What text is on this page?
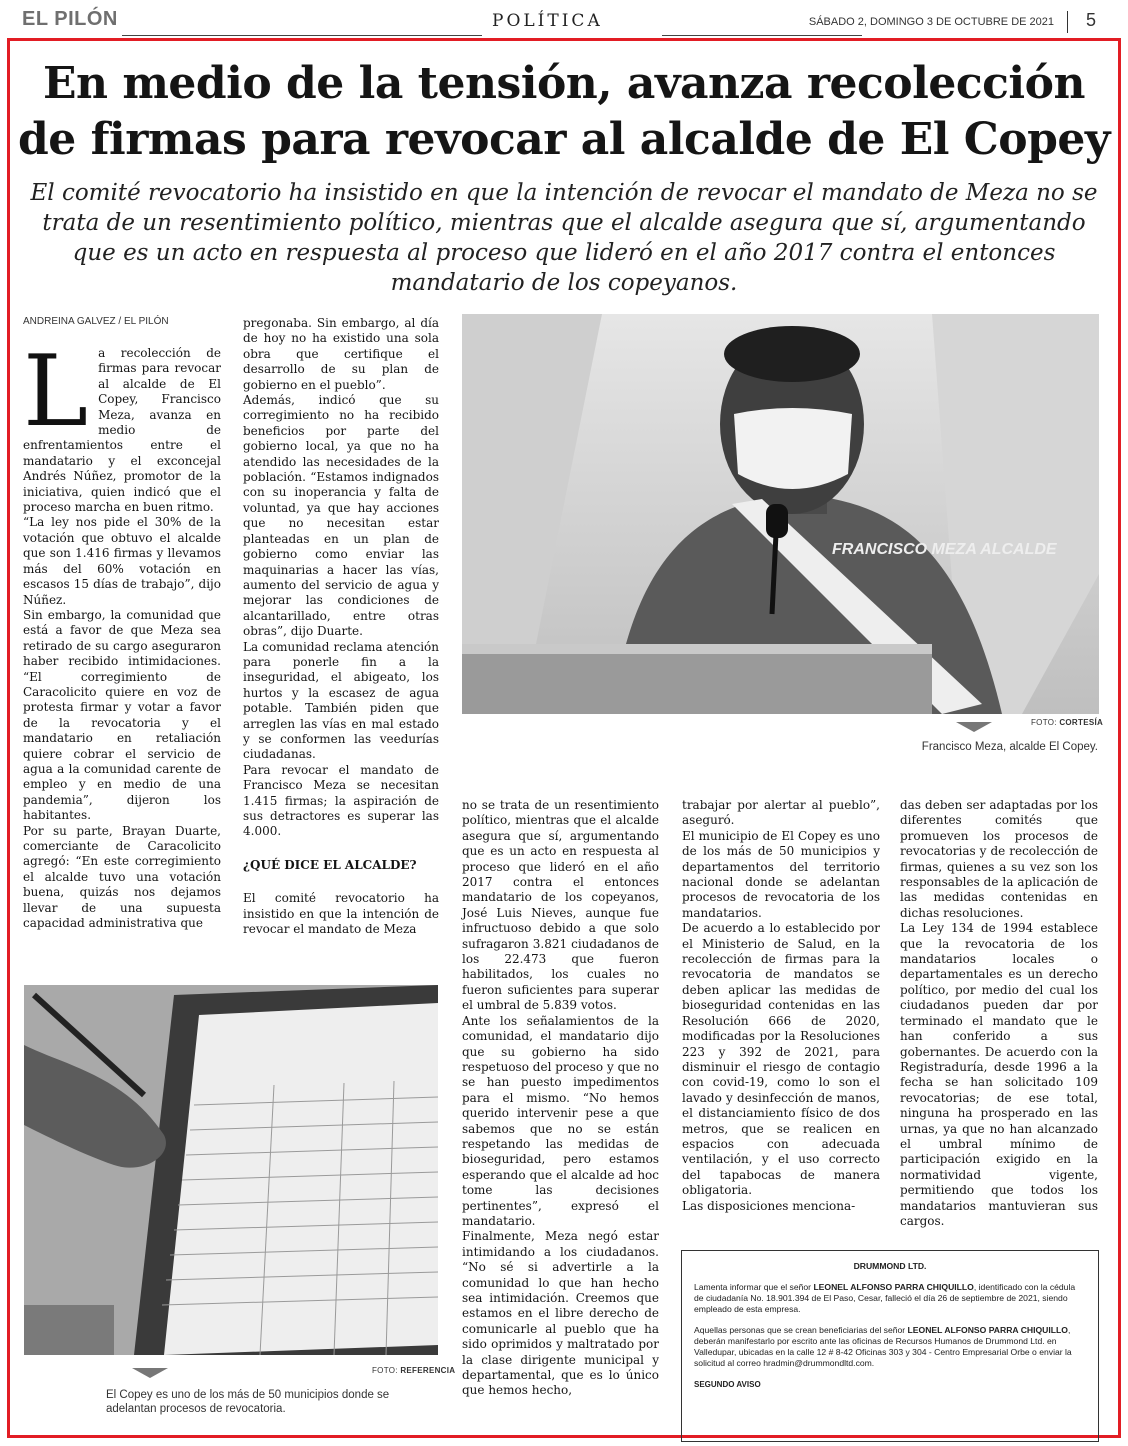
EL PILÓN	POLÍTICA	SÁBADO 2, DOMINGO 3 DE OCTUBRE DE 2021 5
En medio de la tensión, avanza recolección de firmas para revocar al alcalde de El Copey
El comité revocatorio ha insistido en que la intención de revocar el mandato de Meza no se trata de un resentimiento político, mientras que el alcalde asegura que sí, argumentando que es un acto en respuesta al proceso que lideró en el año 2017 contra el entonces mandatario de los copeyanos.
ANDREINA GALVEZ / EL PILÓN
L a recolección de firmas para revocar al alcalde de El Copey, Francisco Meza, avanza en medio de enfrentamientos entre el mandatario y el exconcejal Andrés Núñez, promotor de la iniciativa, quien indicó que el proceso marcha en buen ritmo.

“La ley nos pide el 30% de la votación que obtuvo el alcalde que son 1.416 firmas y llevamos más del 60% votación en escasos 15 días de trabajo”, dijo Núñez.

Sin embargo, la comunidad que está a favor de que Meza sea retirado de su cargo aseguraron haber recibido intimidaciones. “El corregimiento de Caracolicito quiere en voz de protesta firmar y votar a favor de la revocatoria y el mandatario en retaliación quiere cobrar el servicio de agua a la comunidad carente de empleo y en medio de una pandemia”, dijeron los habitantes.

Por su parte, Brayan Duarte, comerciante de Caracolicito agregó: “En este corregimiento el alcalde tuvo una votación buena, quizás nos dejamos llevar de una supuesta capacidad administrativa que

pregonaba. Sin embargo, al día de hoy no ha existido una sola obra que certifique el desarrollo de su plan de gobierno en el pueblo”.

Además, indicó que su corregimiento no ha recibido beneficios por parte del gobierno local, ya que no ha atendido las necesidades de la población. “Estamos indignados con su inoperancia y falta de voluntad, ya que hay acciones que no necesitan estar planteadas en un plan de gobierno como enviar las maquinarias a hacer las vías, aumento del servicio de agua y mejorar las condiciones de alcantarillado, entre otras obras”, dijo Duarte.

La comunidad reclama atención para ponerle fin a la inseguridad, el abigeato, los hurtos y la escasez de agua potable. También piden que arreglen las vías en mal estado y se conformen las veedurías ciudadanas.

Para revocar el mandato de Francisco Meza se necesitan 1.415 firmas; la aspiración de sus detractores es superar las 4.000.

¿QUÉ DICE EL ALCALDE?

El comité revocatorio ha insistido en que la intención de revocar el mandato de Meza

FRANCISCO MEZA ALCALDE
FOTO: CORTESÍA
Francisco Meza, alcalde El Copey.

no se trata de un resentimiento político, mientras que el alcalde asegura que sí, argumentando que es un acto en respuesta al proceso que lideró en el año 2017 contra el entonces mandatario de los copeyanos, José Luis Nieves, aunque fue infructuoso debido a que solo sufragaron 3.821 ciudadanos de los 22.473 que fueron habilitados, los cuales no fueron suficientes para superar el umbral de 5.839 votos.

Ante los señalamientos de la comunidad, el mandatario dijo que su gobierno ha sido respetuoso del proceso y que no se han puesto impedimentos para el mismo. “No hemos querido intervenir pese a que sabemos que no se están respetando las medidas de bioseguridad, pero estamos esperando que el alcalde ad hoc tome las decisiones pertinentes”, expresó el mandatario.

Finalmente, Meza negó estar intimidando a los ciudadanos. “No sé si advertirle a la comunidad lo que han hecho sea intimidación. Creemos que estamos en el libre derecho de comunicarle al pueblo que ha sido oprimidos y maltratado por la clase dirigente municipal y departamental, que es lo único que hemos hecho,

trabajar por alertar al pueblo”, aseguró.

El municipio de El Copey es uno de los más de 50 municipios y departamentos del territorio nacional donde se adelantan procesos de revocatoria de los mandatarios.

De acuerdo a lo establecido por el Ministerio de Salud, en la recolección de firmas para la revocatoria de mandatos se deben aplicar las medidas de bioseguridad contenidas en las Resolución 666 de 2020, modificadas por la Resoluciones 223 y 392 de 2021, para disminuir el riesgo de contagio con covid-19, como lo son el lavado y desinfección de manos, el distanciamiento físico de dos metros, que se realicen en espacios con adecuada ventilación, y el uso correcto del tapabocas de manera obligatoria.

Las disposiciones menciona-

das deben ser adaptadas por los diferentes comités que promueven los procesos de revocatorias y de recolección de firmas, quienes a su vez son los responsables de la aplicación de las medidas contenidas en dichas resoluciones.

La Ley 134 de 1994 establece que la revocatoria de los mandatarios locales o departamentales es un derecho político, por medio del cual los ciudadanos pueden dar por terminado el mandato que le han conferido a sus gobernantes. De acuerdo con la Registraduría, desde 1996 a la fecha se han solicitado 109 revocatorias; de ese total, ninguna ha prosperado en las urnas, ya que no han alcanzado el umbral mínimo de participación exigido en la normatividad vigente, permitiendo que todos los mandatarios mantuvieran sus cargos.

FOTO: REFERENCIA
El Copey es uno de los más de 50 municipios donde se adelantan procesos de revocatoria.
DRUMMOND LTD.

Lamenta informar que el señor LEONEL ALFONSO PARRA CHIQUILLO, identificado con la cédula de ciudadanía No. 18.901.394 de El Paso, Cesar, falleció el día 26 de septiembre de 2021, siendo empleado de esta empresa.

Aquellas personas que se crean beneficiarias del señor LEONEL ALFONSO PARRA CHIQUILLO, deberán manifestarlo por escrito ante las oficinas de Recursos Humanos de Drummond Ltd. en Valledupar, ubicadas en la calle 12 # 8-42 Oficinas 303 y 304 - Centro Empresarial Orbe o enviar la solicitud al correo hradmin@drummondltd.com.

SEGUNDO AVISO
